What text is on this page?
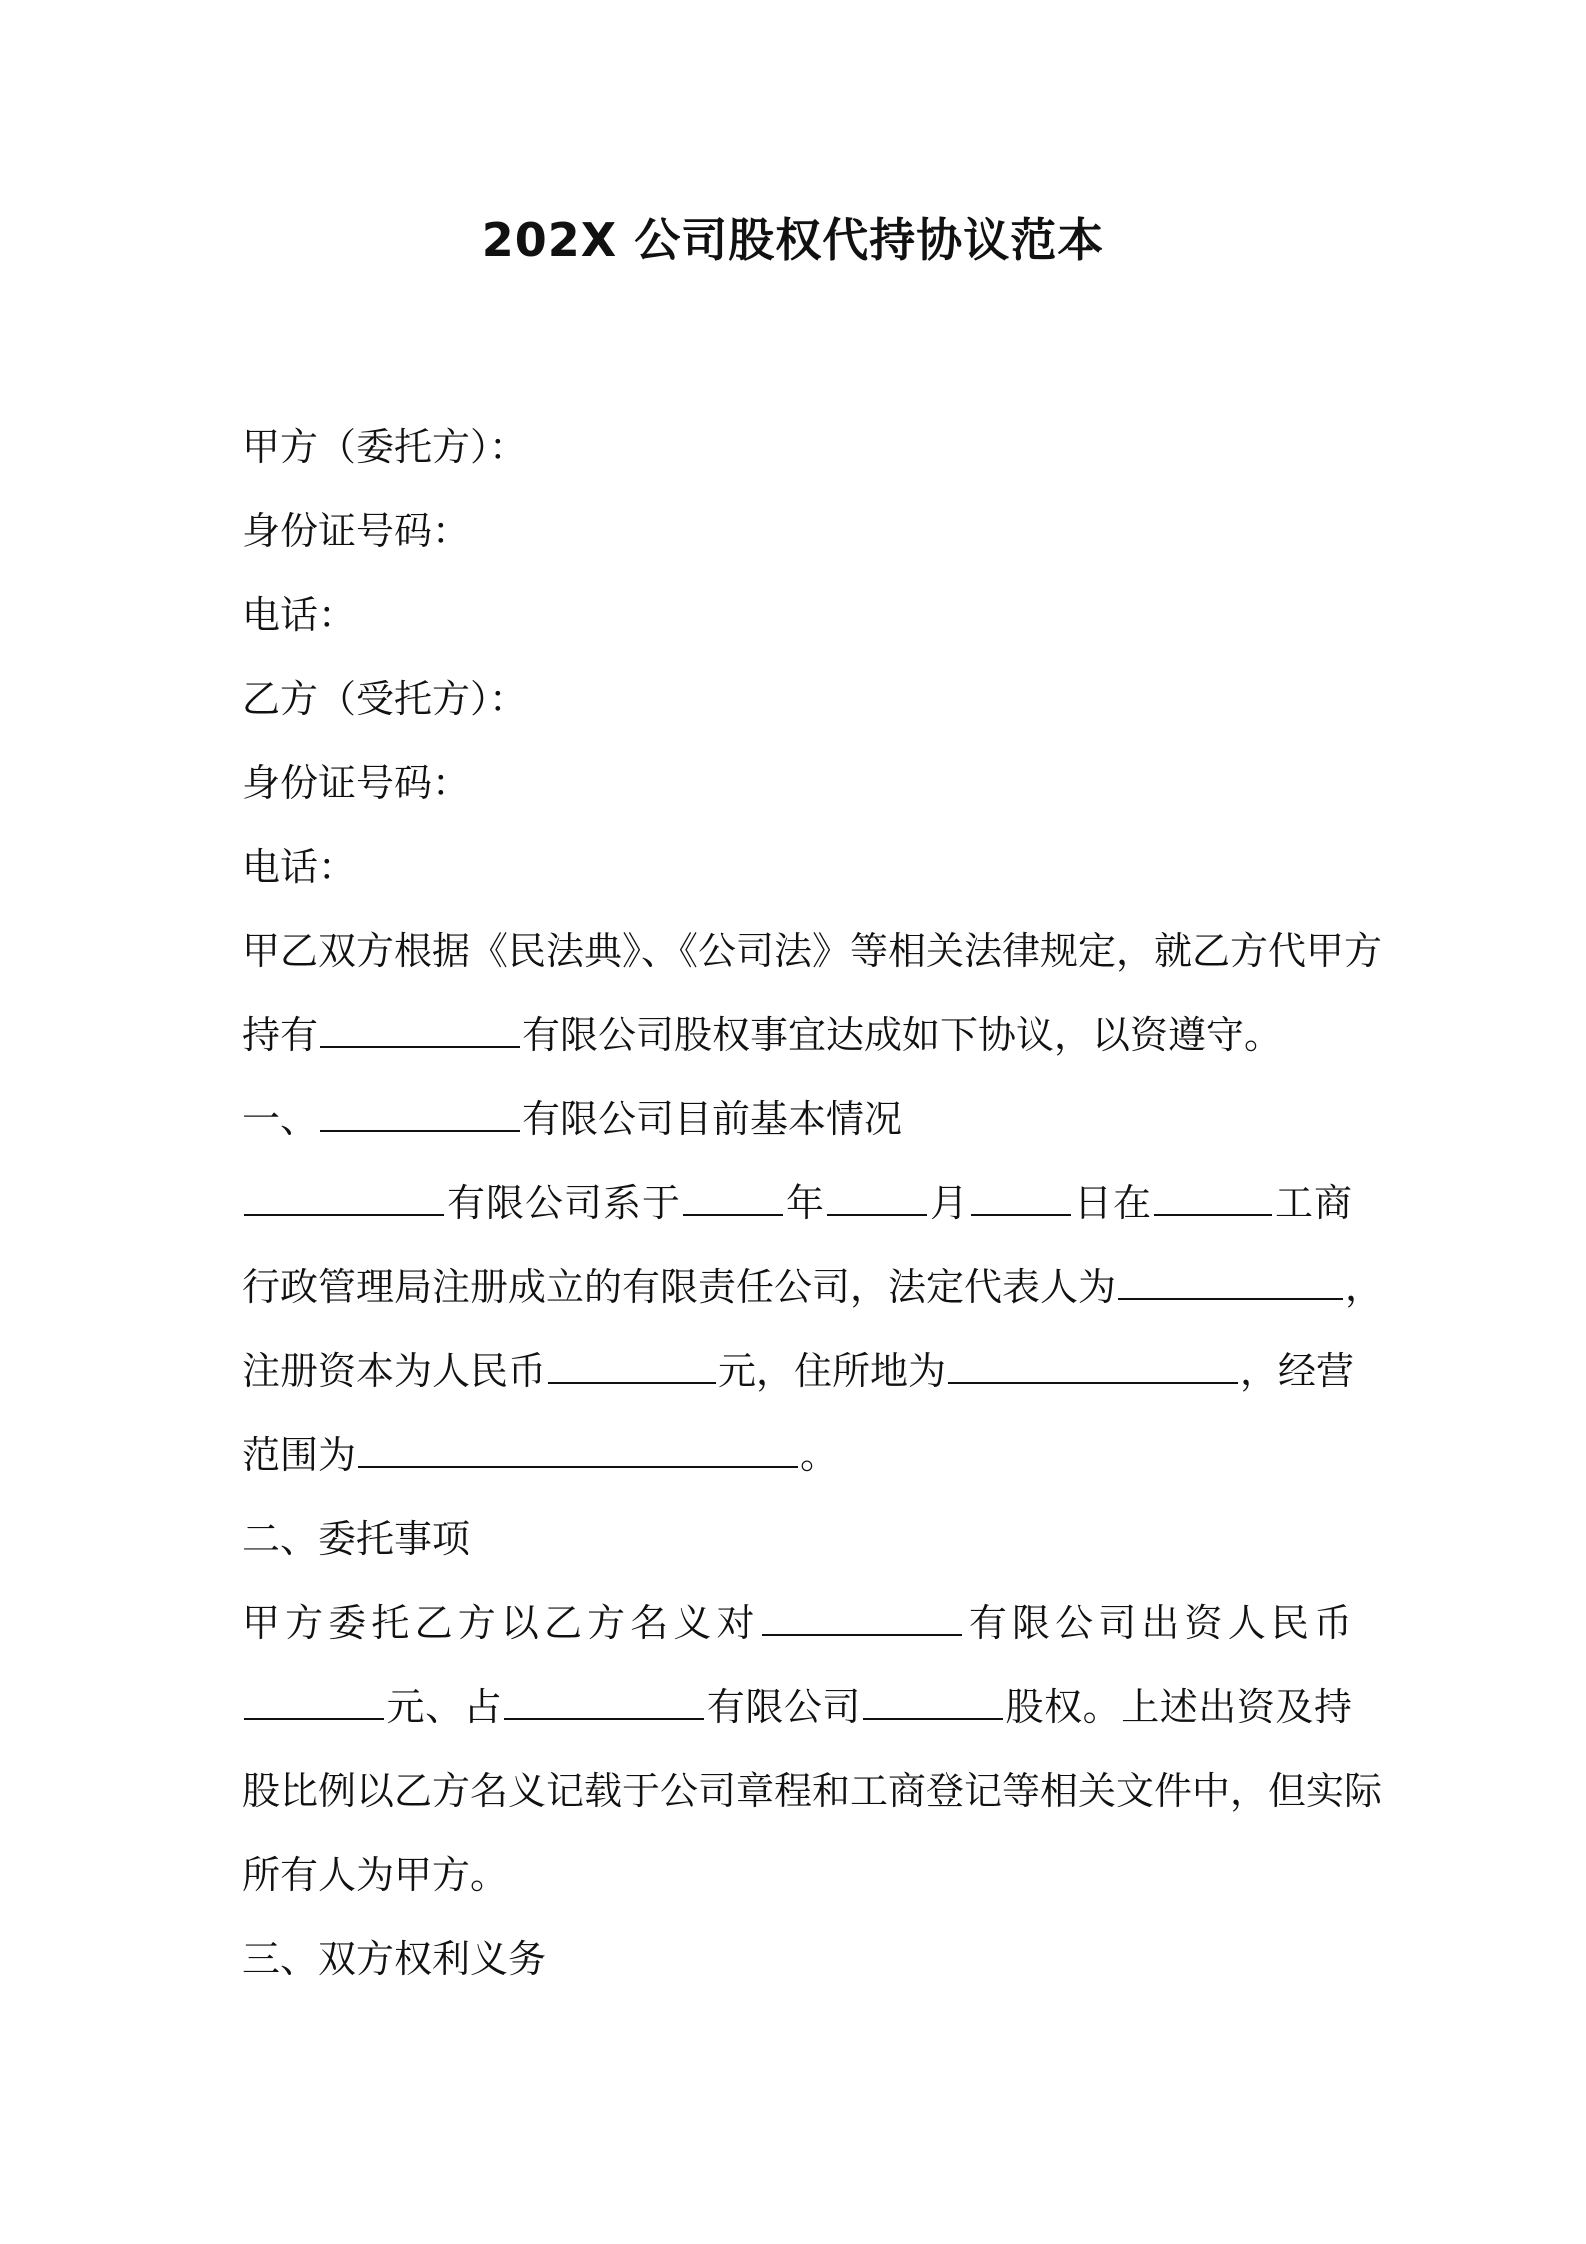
202X 公司股权代持协议范本
甲方（委托方）：
身份证号码：
电话：
乙方（受托方）：
身份证号码：
电话：
甲乙双方根据《民法典》、《公司法》等相关法律规定，就乙方代甲方
持有	有限公司股权事宜达成如下协议，以资遵守。
一、	有限公司目前基本情况
有限公司系于	年	月	日在	工商
行政管理局注册成立的有限责任公司，法定代表人为	，
注册资本为人民币	元，住所地为	，经营
范围为	。
二、委托事项
甲方委托乙方以乙方名义对	有限公司出资人民币
元、占	有限公司	股权。上述出资及持
股比例以乙方名义记载于公司章程和工商登记等相关文件中，但实际
所有人为甲方。
三、双方权利义务
